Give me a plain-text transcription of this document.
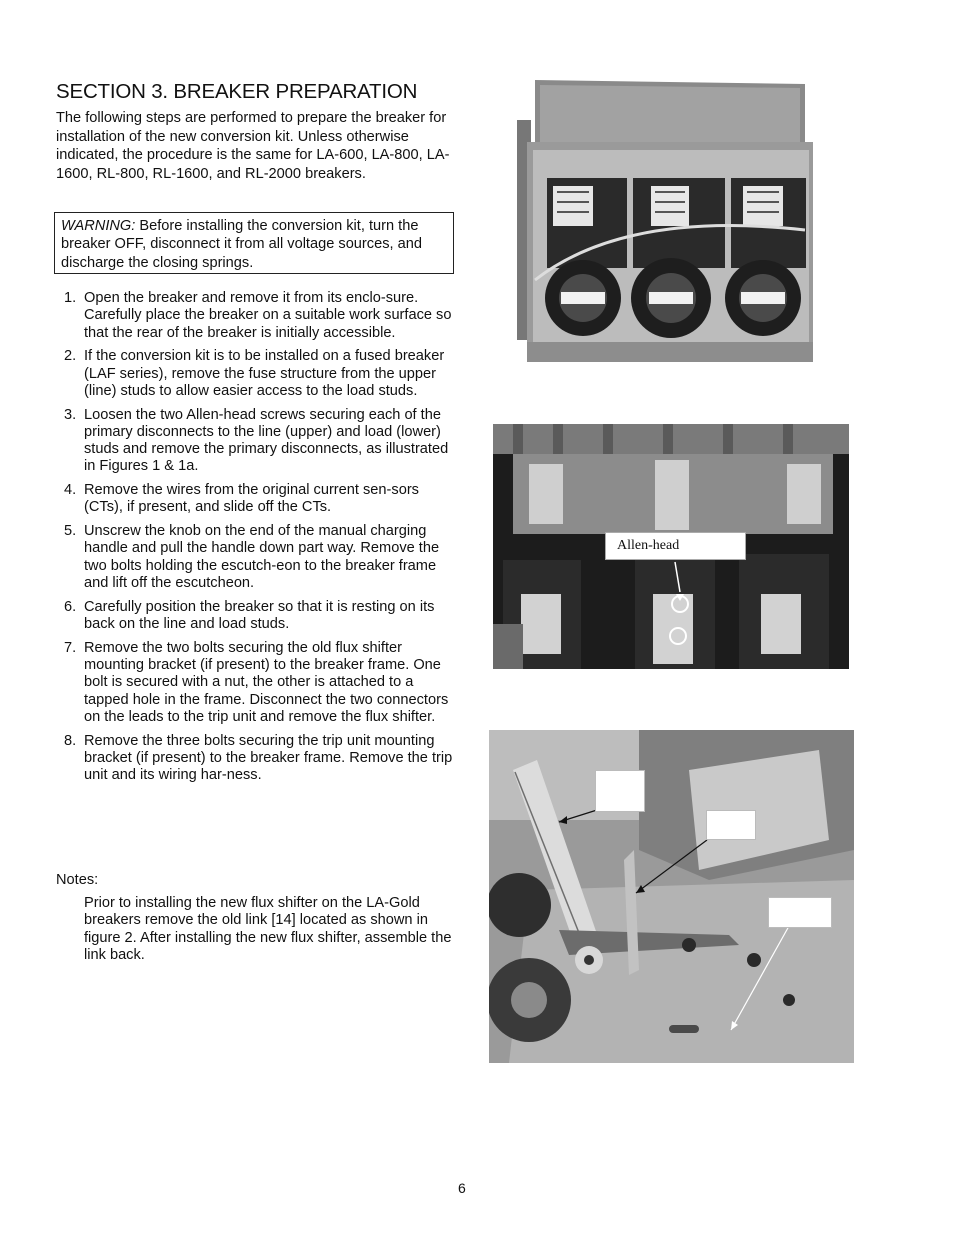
SECTION 3. BREAKER PREPARATION

The following steps are performed to prepare the breaker for installation of the new conversion kit. Unless otherwise indicated, the procedure is the same for LA-600, LA-800, LA-1600, RL-800, RL-1600, and RL-2000 breakers.

WARNING: Before installing the conversion kit, turn the breaker OFF, disconnect it from all voltage sources, and discharge the closing springs.
1. Open the breaker and remove it from its enclo-sure. Carefully place the breaker on a suitable work surface so that the rear of the breaker is initially accessible.
2. If the conversion kit is to be installed on a fused breaker (LAF series), remove the fuse structure from the upper (line) studs to allow easier access to the load studs.
3. Loosen the two Allen-head screws securing each of the primary disconnects to the line (upper) and load (lower) studs and remove the primary disconnects, as illustrated in Figures 1 & 1a.
4. Remove the wires from the original current sen-sors (CTs), if present, and slide off the CTs.
5. Unscrew the knob on the end of the manual charging handle and pull the handle down part way. Remove the two bolts holding the escutch-eon to the breaker frame and lift off the escutcheon.
6. Carefully position the breaker so that it is resting on its back on the line and load studs.
7. Remove the two bolts securing the old flux shifter mounting bracket (if present) to the breaker frame. One bolt is secured with a nut, the other is attached to a tapped hole in the frame. Disconnect the two connectors on the leads to the trip unit and remove the flux shifter.
8. Remove the three bolts securing the trip unit mounting bracket (if present) to the breaker frame. Remove the trip unit and its wiring har-ness.
Notes:
Prior to installing the new flux shifter on the LA-Gold breakers remove the old link [14] located as shown in figure 2. After installing the new flux shifter, assemble the link back.
Allen-head
6
